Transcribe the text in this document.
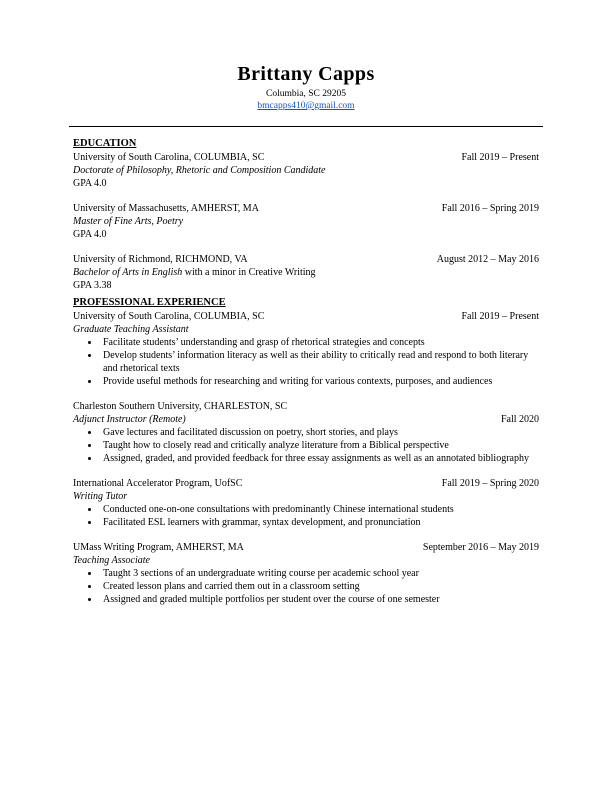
Brittany Capps
Columbia, SC 29205
bmcapps410@gmail.com
EDUCATION
University of South Carolina, COLUMBIA, SC	Fall 2019 – Present
Doctorate of Philosophy, Rhetoric and Composition Candidate
GPA 4.0
University of Massachusetts, AMHERST, MA	Fall 2016 – Spring 2019
Master of Fine Arts, Poetry
GPA 4.0
University of Richmond, RICHMOND, VA	August 2012 – May 2016
Bachelor of Arts in English with a minor in Creative Writing
GPA 3.38
PROFESSIONAL EXPERIENCE
University of South Carolina, COLUMBIA, SC	Fall 2019 – Present
Graduate Teaching Assistant
• Facilitate students’ understanding and grasp of rhetorical strategies and concepts
• Develop students’ information literacy as well as their ability to critically read and respond to both literary and rhetorical texts
• Provide useful methods for researching and writing for various contexts, purposes, and audiences
Charleston Southern University, CHARLESTON, SC
Adjunct Instructor (Remote)	Fall 2020
• Gave lectures and facilitated discussion on poetry, short stories, and plays
• Taught how to closely read and critically analyze literature from a Biblical perspective
• Assigned, graded, and provided feedback for three essay assignments as well as an annotated bibliography
International Accelerator Program, UofSC	Fall 2019 – Spring 2020
Writing Tutor
• Conducted one-on-one consultations with predominantly Chinese international students
• Facilitated ESL learners with grammar, syntax development, and pronunciation
UMass Writing Program, AMHERST, MA	September 2016 – May 2019
Teaching Associate
• Taught 3 sections of an undergraduate writing course per academic school year
• Created lesson plans and carried them out in a classroom setting
• Assigned and graded multiple portfolios per student over the course of one semester
